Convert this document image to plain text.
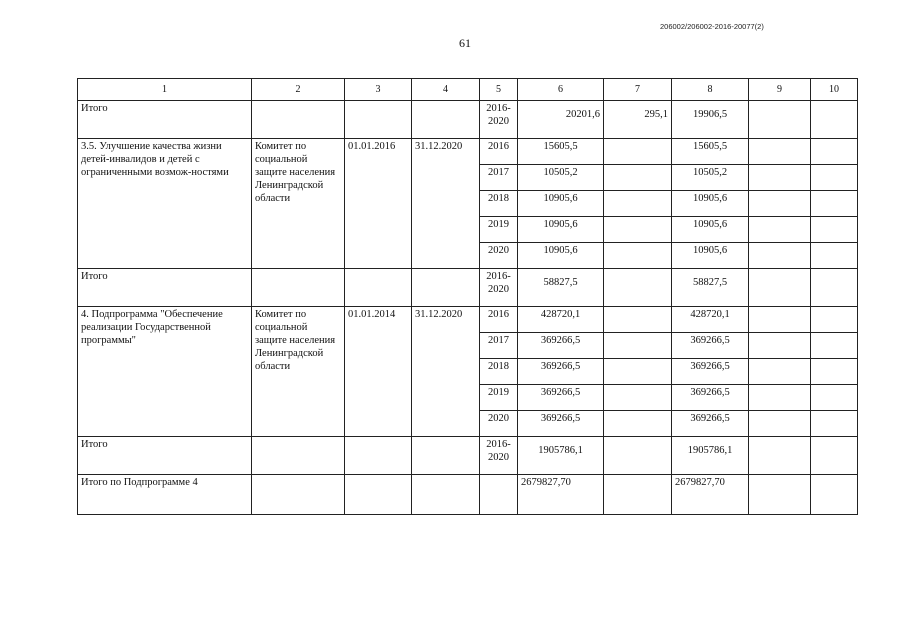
206002/206002-2016-20077(2)
61
1	2	3	4	5	6	7	8	9	10
Итого				2016-2020	20201,6	295,1	19906,5		
3.5. Улучшение качества жизни детей-инвалидов и детей с ограниченными возмож-ностями	Комитет по социальной защите населения Ленинградской области	01.01.2016	31.12.2020	2016	15605,5		15605,5		
				2017	10505,2		10505,2		
				2018	10905,6		10905,6		
				2019	10905,6		10905,6		
				2020	10905,6		10905,6		
Итого				2016-2020	58827,5		58827,5		
4. Подпрограмма "Обеспечение реализации Государственной программы"	Комитет по социальной защите населения Ленинградской области	01.01.2014	31.12.2020	2016	428720,1		428720,1		
				2017	369266,5		369266,5		
				2018	369266,5		369266,5		
				2019	369266,5		369266,5		
				2020	369266,5		369266,5		
Итого				2016-2020	1905786,1		1905786,1		
Итого по Подпрограмме 4					2679827,70		2679827,70		
